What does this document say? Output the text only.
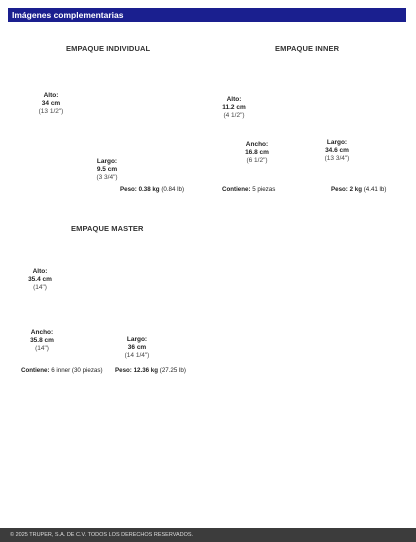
Imágenes complementarias
EMPAQUE INDIVIDUAL
Alto:
34 cm
(13 1/2")
Largo:
9.5 cm
(3 3/4")
Peso: 0.38 kg (0.84 lb)
EMPAQUE INNER
Alto:
11.2 cm
(4 1/2")
Ancho:
16.8 cm
(6 1/2")
Largo:
34.6 cm
(13 3/4")
Contiene: 5 piezas	Peso: 2 kg (4.41 lb)
EMPAQUE MASTER
Alto:
35.4 cm
(14")
Ancho:
35.8 cm
(14")
Largo:
36 cm
(14 1/4")
Contiene: 6 inner (30 piezas) Peso: 12.36 kg (27.25 lb)
© 2025 TRUPER, S.A. DE C.V. TODOS LOS DERECHOS RESERVADOS.
